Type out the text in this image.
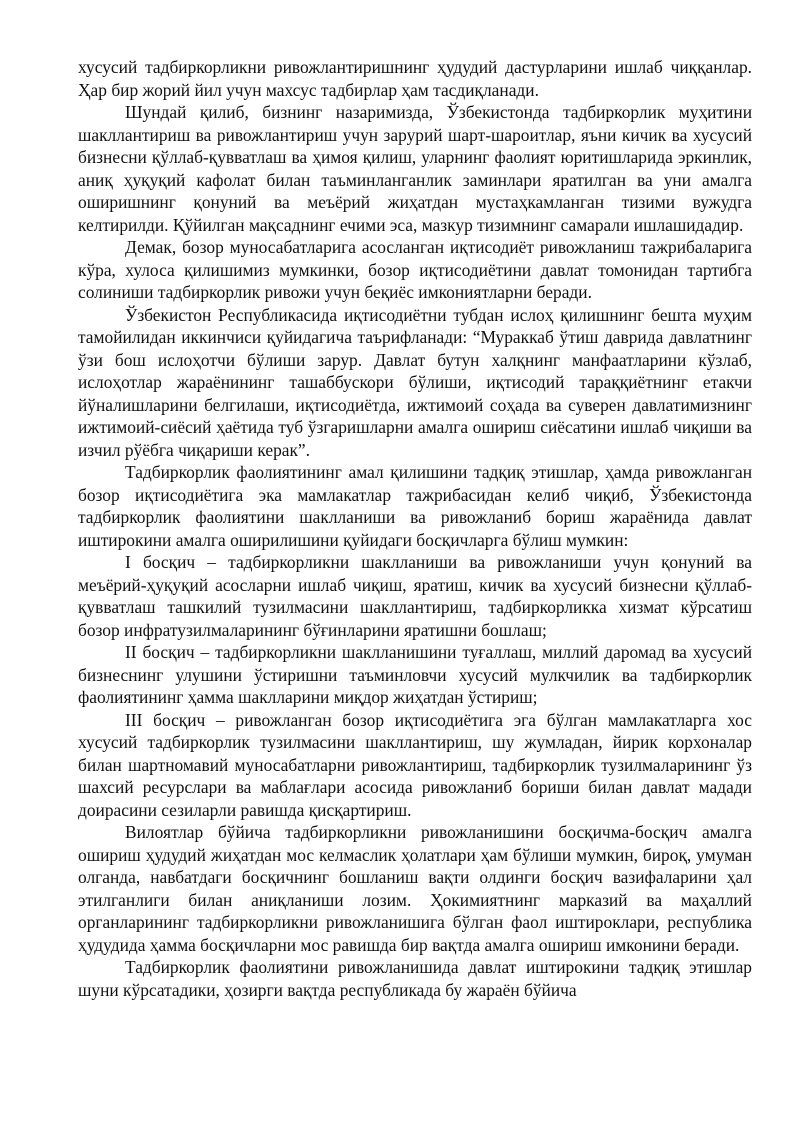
хусусий тадбиркорликни ривожлантиришнинг ҳудудий дастурларини ишлаб чиққанлар. Ҳар бир жорий йил учун махсус тадбирлар ҳам тасдиқланади.

Шундай қилиб, бизнинг назаримизда, Ўзбекистонда тадбиркорлик муҳитини шакллантириш ва ривожлантириш учун зарурий шарт-шароитлар, яъни кичик ва хусусий бизнесни қўллаб-қувватлаш ва ҳимоя қилиш, уларнинг фаолият юритишларида эркинлик, аниқ ҳуқуқий кафолат билан таъминланганлик заминлари яратилган ва уни амалга оширишнинг қонуний ва меъёрий жиҳатдан мустаҳкамланган тизими вужудга келтирилди. Қўйилган мақсаднинг ечими эса, мазкур тизимнинг самарали ишлашидадир.

Демак, бозор муносабатларига асосланган иқтисодиёт ривожланиш тажрибаларига кўра, хулоса қилишимиз мумкинки, бозор иқтисодиётини давлат томонидан тартибга солиниши тадбиркорлик ривожи учун беқиёс имкониятларни беради.

Ўзбекистон Республикасида иқтисодиётни тубдан ислоҳ қилишнинг бешта муҳим тамойилидан иккинчиси қуйидагича таърифланади: “Мураккаб ўтиш даврида давлатнинг ўзи бош ислоҳотчи бўлиши зарур. Давлат бутун халқнинг манфаатларини кўзлаб, ислоҳотлар жараёнининг ташаббускори бўлиши, иқтисодий тараққиётнинг етакчи йўналишларини белгилаши, иқтисодиётда, ижтимоий соҳада ва суверен давлатимизнинг ижтимоий-сиёсий ҳаётида туб ўзгаришларни амалга ошириш сиёсатини ишлаб чиқиши ва изчил рўёбга чиқариши керак”.

Тадбиркорлик фаолиятининг амал қилишини тадқиқ этишлар, ҳамда ривожланган бозор иқтисодиётига эка мамлакатлар тажрибасидан келиб чиқиб, Ўзбекистонда тадбиркорлик фаолиятини шаклланиши ва ривожланиб бориш жараёнида давлат иштирокини амалга оширилишини қуйидаги босқичларга бўлиш мумкин:

I босқич – тадбиркорликни шаклланиши ва ривожланиши учун қонуний ва меъёрий-ҳуқуқий асосларни ишлаб чиқиш, яратиш, кичик ва хусусий бизнесни қўллаб-қувватлаш ташкилий тузилмасини шакллантириш, тадбиркорликка хизмат кўрсатиш бозор инфратузилмаларининг бўғинларини яратишни бошлаш;

II босқич – тадбиркорликни шаклланишини туғаллаш, миллий даромад ва хусусий бизнеснинг улушини ўстиришни таъминловчи хусусий мулкчилик ва тадбиркорлик фаолиятининг ҳамма шаклларини миқдор жиҳатдан ўстириш;

III босқич – ривожланган бозор иқтисодиётига эга бўлган мамлакатларга хос хусусий тадбиркорлик тузилмасини шакллантириш, шу жумладан, йирик корхоналар билан шартномавий муносабатларни ривожлантириш, тадбиркорлик тузилмаларининг ўз шахсий ресурслари ва маблағлари асосида ривожланиб бориши билан давлат мадади доирасини сезиларли равишда қисқартириш.

Вилоятлар бўйича тадбиркорликни ривожланишини босқичма-босқич амалга ошириш ҳудудий жиҳатдан мос келмаслик ҳолатлари ҳам бўлиши мумкин, бироқ, умуман олганда, навбатдаги босқичнинг бошланиш вақти олдинги босқич вазифаларини ҳал этилганлиги билан аниқланиши лозим. Ҳокимиятнинг марказий ва маҳаллий органларининг тадбиркорликни ривожланишига бўлган фаол иштироклари, республика ҳудудида ҳамма босқичларни мос равишда бир вақтда амалга ошириш имконини беради.

Тадбиркорлик фаолиятини ривожланишида давлат иштирокини тадқиқ этишлар шуни кўрсатадики, ҳозирги вақтда республикада бу жараён бўйича
